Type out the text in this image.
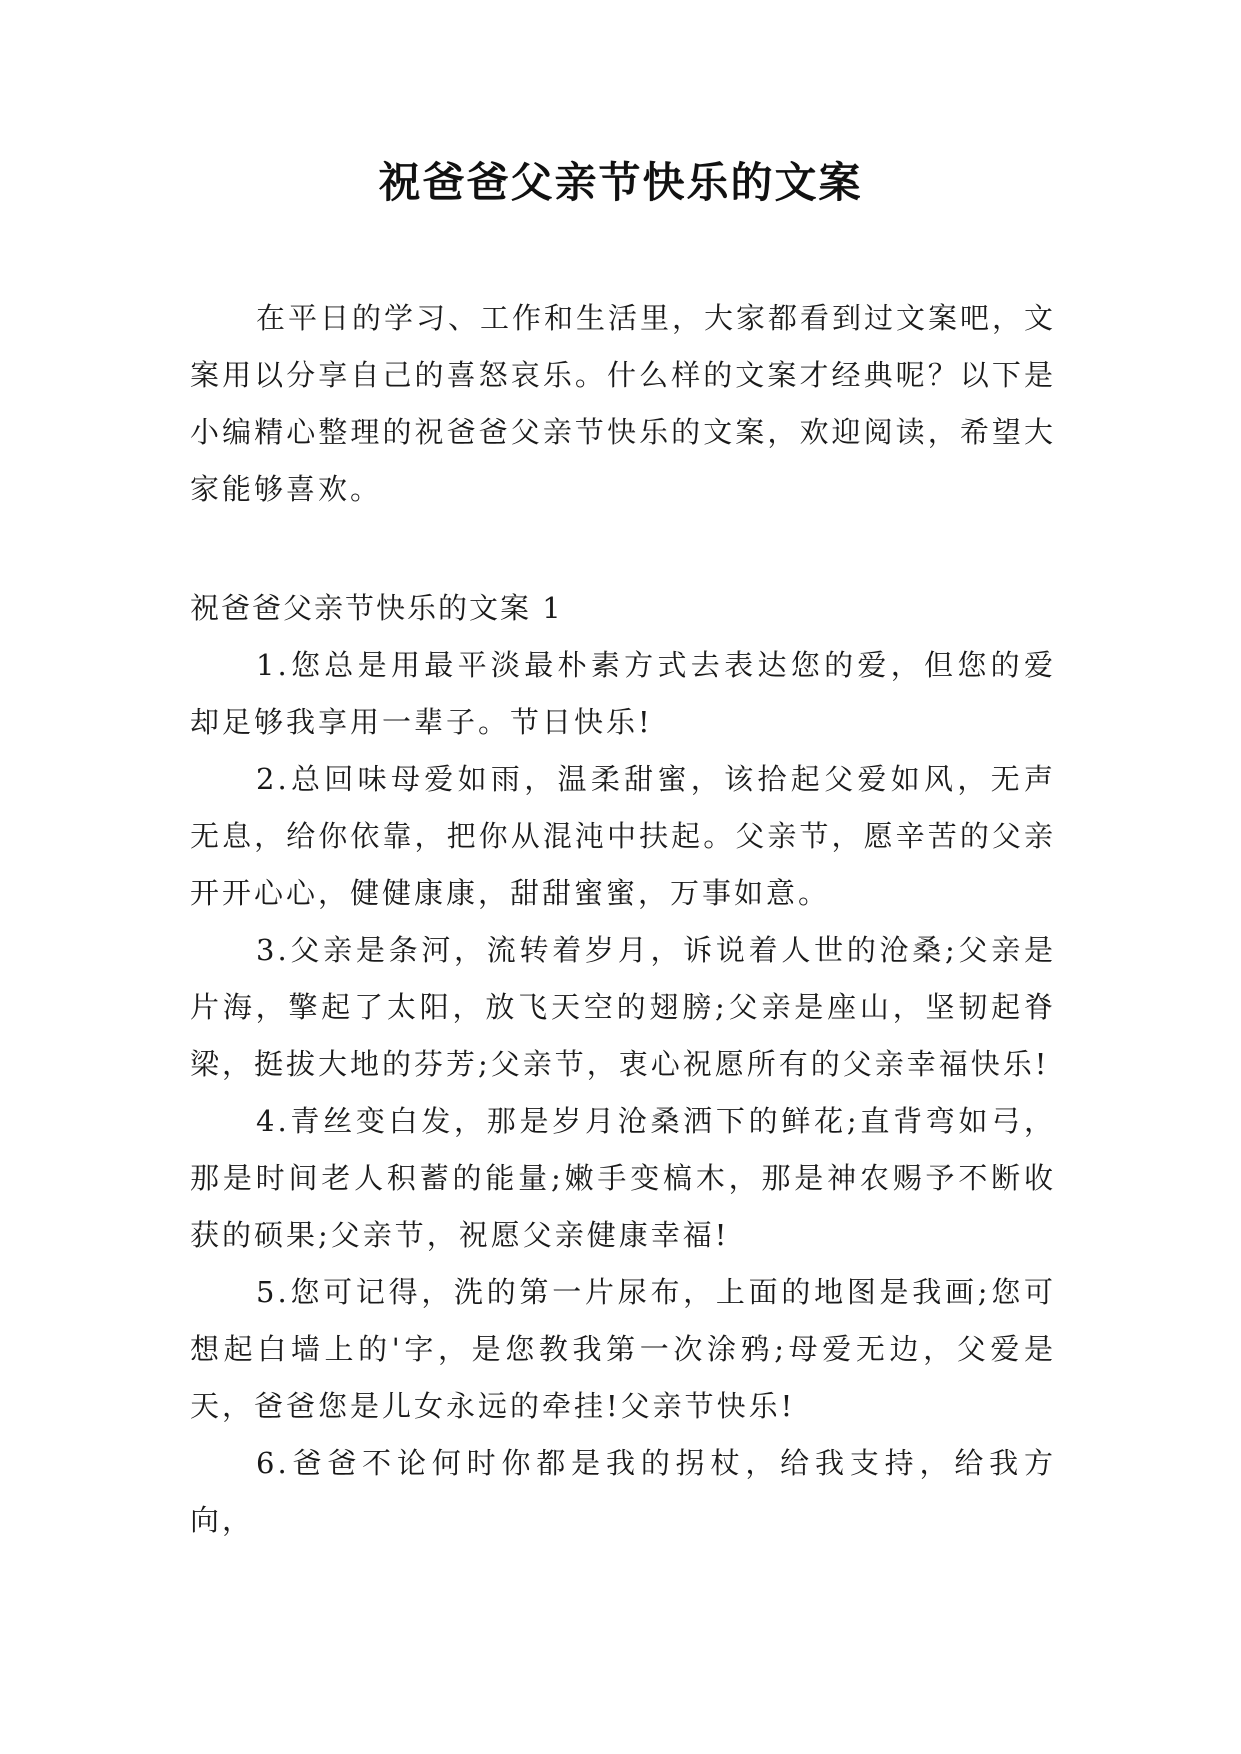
祝爸爸父亲节快乐的文案

在平日的学习、工作和生活里，大家都看到过文案吧，文案用以分享自己的喜怒哀乐。什么样的文案才经典呢？以下是小编精心整理的祝爸爸父亲节快乐的文案，欢迎阅读，希望大家能够喜欢。

祝爸爸父亲节快乐的文案 1

1.您总是用最平淡最朴素方式去表达您的爱，但您的爱却足够我享用一辈子。节日快乐!

2.总回味母爱如雨，温柔甜蜜，该拾起父爱如风，无声无息，给你依靠，把你从混沌中扶起。父亲节，愿辛苦的父亲开开心心，健健康康，甜甜蜜蜜，万事如意。

3.父亲是条河，流转着岁月，诉说着人世的沧桑;父亲是片海，擎起了太阳，放飞天空的翅膀;父亲是座山，坚韧起脊梁，挺拔大地的芬芳;父亲节，衷心祝愿所有的父亲幸福快乐!

4.青丝变白发，那是岁月沧桑洒下的鲜花;直背弯如弓，那是时间老人积蓄的能量;嫩手变槁木，那是神农赐予不断收获的硕果;父亲节，祝愿父亲健康幸福!

5.您可记得，洗的第一片尿布，上面的地图是我画;您可想起白墙上的'字，是您教我第一次涂鸦;母爱无边，父爱是天，爸爸您是儿女永远的牵挂!父亲节快乐!

6.爸爸不论何时你都是我的拐杖，给我支持，给我方向，
